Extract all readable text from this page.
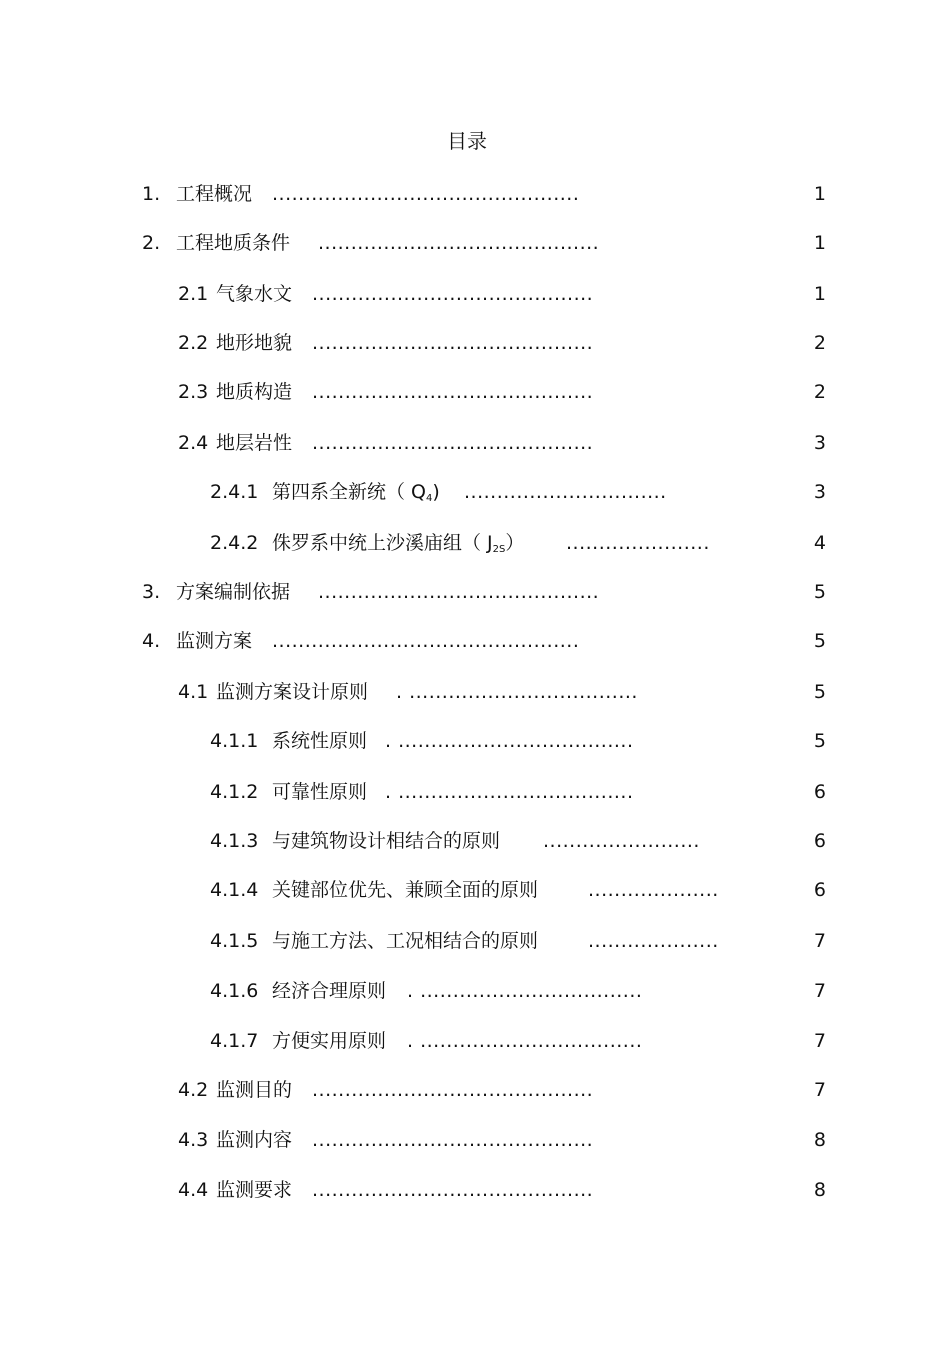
目录
1. 工程概况 ...............................................	1
2. 工程地质条件 ...........................................	1
2.1 气象水文 ...........................................	1
2.2 地形地貌 ...........................................	2
2.3 地质构造 ...........................................	2
2.4 地层岩性 ...........................................	3
2.4.1 第四系全新统（ $Q_4$) ...............................	3
2.4.2 侏罗系中统上沙溪庙组（ $J_{2S}$） ......................	4
3. 方案编制依据 ...........................................	5
4. 监测方案 ...............................................	5
4.1 监测方案设计原则 . ...................................	5
4.1.1 系统性原则 . ....................................	5
4.1.2 可靠性原则 . ....................................	6
4.1.3 与建筑物设计相结合的原则 ........................	6
4.1.4 关键部位优先、兼顾全面的原则	....................	6
4.1.5 与施工方法、工况相结合的原则	....................	7
4.1.6 经济合理原则 . ..................................	7
4.1.7 方便实用原则 . ..................................	7
4.2 监测目的 ...........................................	7
4.3 监测内容 ...........................................	8
4.4 监测要求 ...........................................	8
